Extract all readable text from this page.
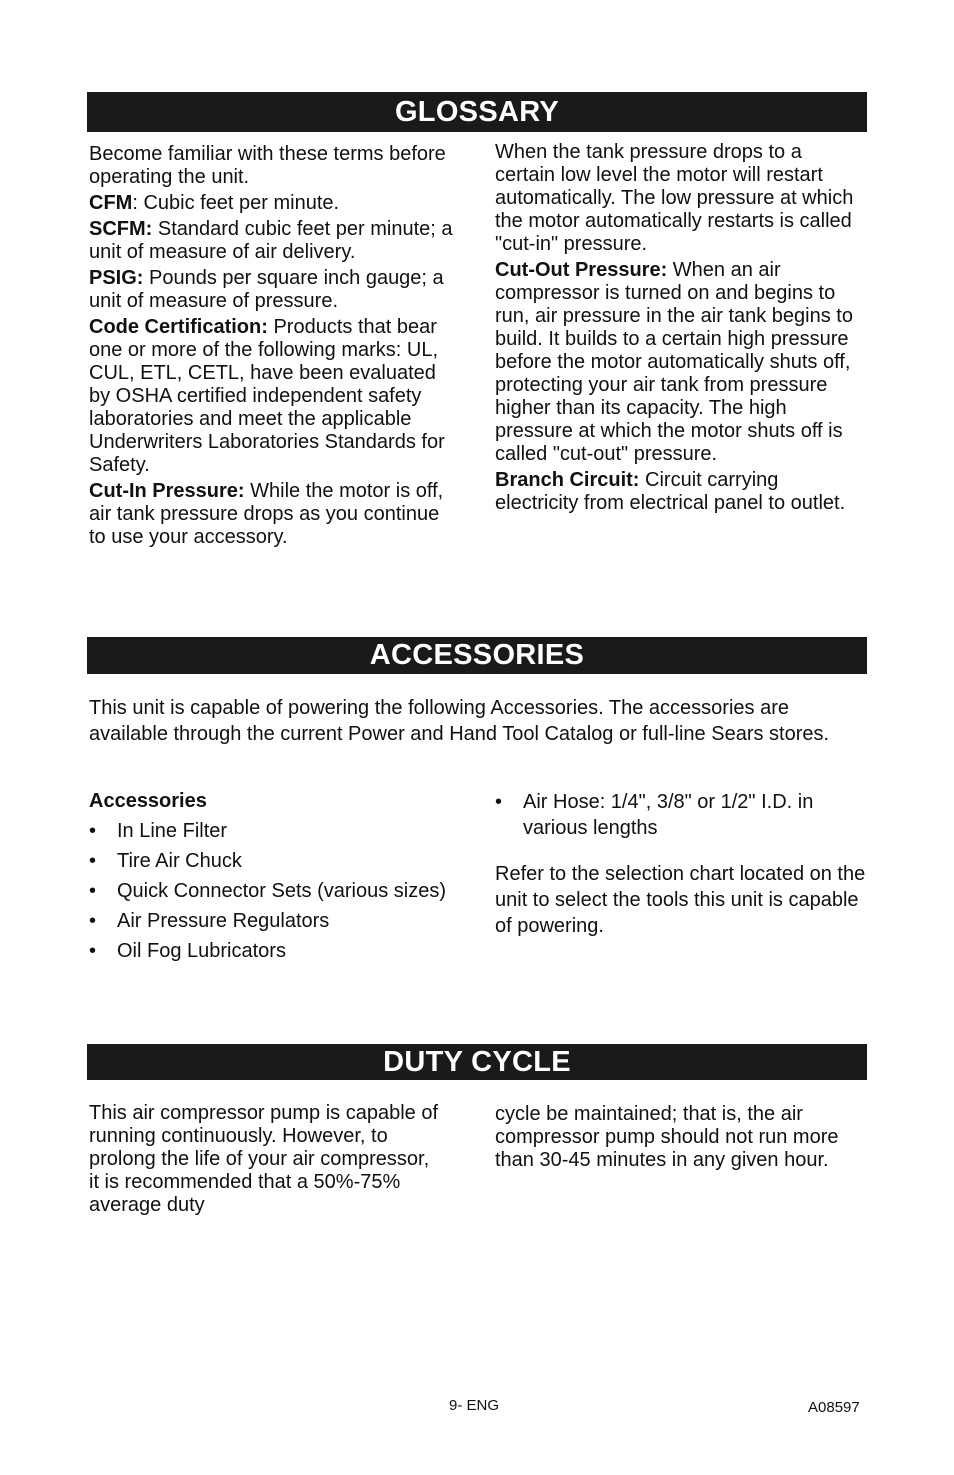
GLOSSARY

Become familiar with these terms before operating the unit.

CFM: Cubic feet per minute.

SCFM: Standard cubic feet per minute; a unit of measure of air delivery.

PSIG: Pounds per square inch gauge; a unit of measure of pressure.

Code Certification: Products that bear one or more of the following marks: UL, CUL, ETL, CETL, have been evaluated by OSHA certified independent safety laboratories and meet the applicable Underwriters Laboratories Standards for Safety.

Cut-In Pressure: While the motor is off, air tank pressure drops as you continue to use your accessory.

When the tank pressure drops to a certain low level the motor will restart automatically. The low pressure at which the motor automatically restarts is called "cut-in" pressure.

Cut-Out Pressure: When an air compressor is turned on and begins to run, air pressure in the air tank begins to build. It builds to a certain high pressure before the motor automatically shuts off, protecting your air tank from pressure higher than its capacity. The high pressure at which the motor shuts off is called "cut-out" pressure.

Branch Circuit: Circuit carrying electricity from electrical panel to outlet.

ACCESSORIES
This unit is capable of powering the following Accessories. The accessories are available through the current Power and Hand Tool Catalog or full-line Sears stores.
Accessories
• In Line Filter
• Tire Air Chuck
• Quick Connector Sets (various sizes)
• Air Pressure Regulators
• Oil Fog Lubricators
• Air Hose: 1/4", 3/8" or 1/2" I.D. in various lengths
Refer to the selection chart located on the unit to select the tools this unit is capable of powering.
DUTY CYCLE
This air compressor pump is capable of running continuously. However, to prolong the life of your air compressor, it is recommended that a 50%-75% average duty
cycle be maintained; that is, the air compressor pump should not run more than 30-45 minutes in any given hour.
9- ENG	A08597
